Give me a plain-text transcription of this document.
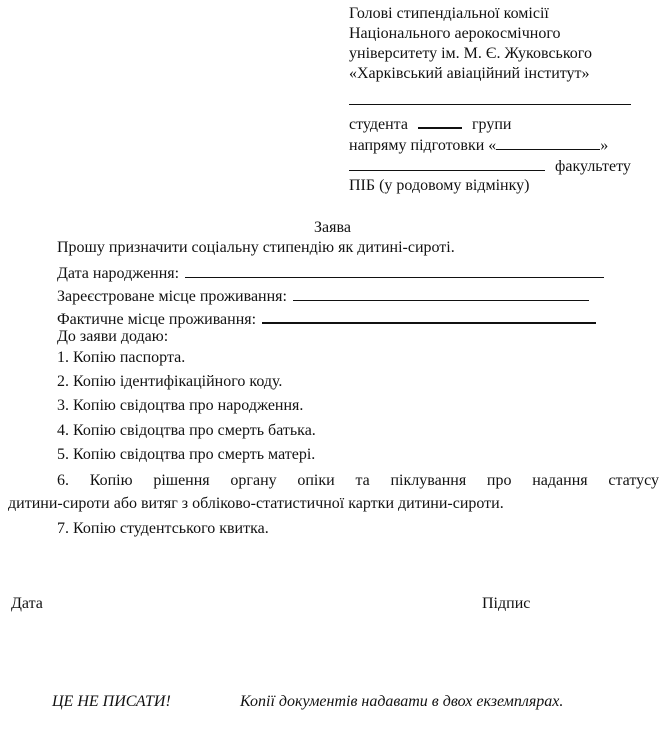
Голові стипендіальної комісії
Національного аерокосмічного
університету ім. М. Є. Жуковського
«Харківський авіаційний інститут»
студента	групи
напряму підготовки «	»
факультету
ПІБ (у родовому відмінку)
Заява
Прошу призначити соціальну стипендію як дитині-сироті.
Дата народження:
Зареєстроване місце проживання:
Фактичне місце проживання:
До заяви додаю:
1. Копію паспорта.
2. Копію ідентифікаційного коду.
3. Копію свідоцтва про народження.
4. Копію свідоцтва про смерть батька.
5. Копію свідоцтва про смерть матері.
6. Копію рішення органу опіки та піклування про надання статусу
дитини-сироти або витяг з обліково-статистичної картки дитини-сироти.
7. Копію студентського квитка.
Дата	Підпис
ЦЕ НЕ ПИСАТИ!	Копії документів надавати в двох екземплярах.
